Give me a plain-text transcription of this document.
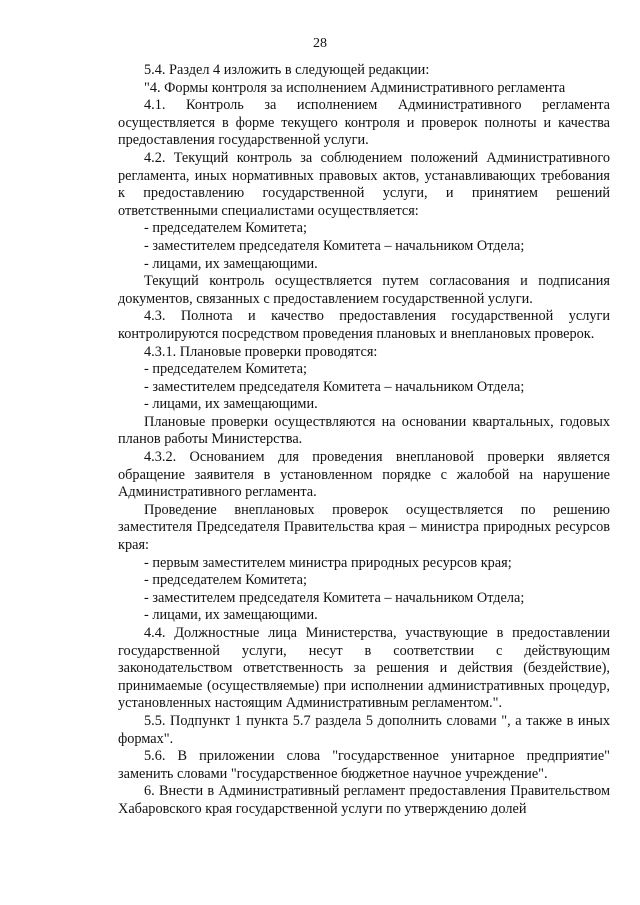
28

5.4. Раздел 4 изложить в следующей редакции:

"4. Формы контроля за исполнением Административного регламента

4.1. Контроль за исполнением Административного регламента осуществляется в форме текущего контроля и проверок полноты и качества предоставления государственной услуги.

4.2. Текущий контроль за соблюдением положений Административного регламента, иных нормативных правовых актов, устанавливающих требования к предоставлению государственной услуги, и принятием решений ответственными специалистами осуществляется:

- председателем Комитета;

- заместителем председателя Комитета – начальником Отдела;

- лицами, их замещающими.

Текущий контроль осуществляется путем согласования и подписания документов, связанных с предоставлением государственной услуги.

4.3. Полнота и качество предоставления государственной услуги контролируются посредством проведения плановых и внеплановых проверок.

4.3.1. Плановые проверки проводятся:

- председателем Комитета;

- заместителем председателя Комитета – начальником Отдела;

- лицами, их замещающими.

Плановые проверки осуществляются на основании квартальных, годовых планов работы Министерства.

4.3.2. Основанием для проведения внеплановой проверки является обращение заявителя в установленном порядке с жалобой на нарушение Административного регламента.

Проведение внеплановых проверок осуществляется по решению заместителя Председателя Правительства края – министра природных ресурсов края:

- первым заместителем министра природных ресурсов края;

- председателем Комитета;

- заместителем председателя Комитета – начальником Отдела;

- лицами, их замещающими.

4.4. Должностные лица Министерства, участвующие в предоставлении государственной услуги, несут в соответствии с действующим законодательством ответственность за решения и действия (бездействие), принимаемые (осуществляемые) при исполнении административных процедур, установленных настоящим Административным регламентом.".

5.5. Подпункт 1 пункта 5.7 раздела 5 дополнить словами ", а также в иных формах".

5.6. В приложении слова "государственное унитарное предприятие" заменить словами "государственное бюджетное научное учреждение".

6. Внести в Административный регламент предоставления Правительством Хабаровского края государственной услуги по утверждению долей
